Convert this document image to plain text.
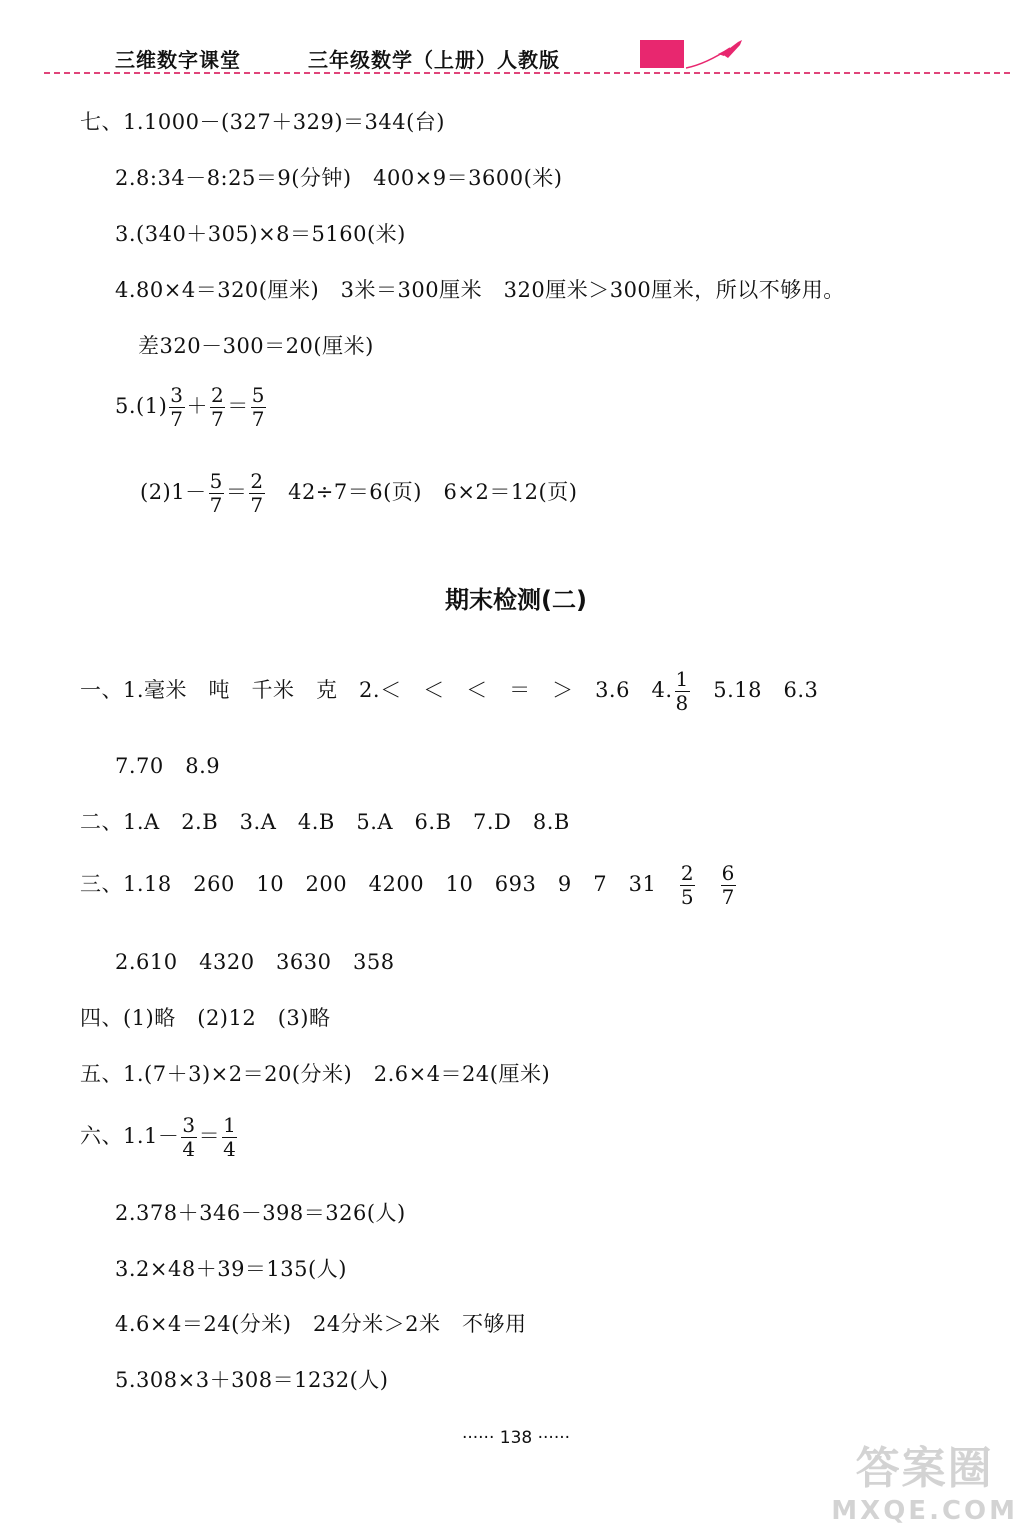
三维数字课堂	三年级数学（上册）人教版
七、1.1000－(327＋329)＝344(台)
2.8:34－8:25＝9(分钟)　400×9＝3600(米)
3.(340＋305)×8＝5160(米)
4.80×4＝320(厘米)　3米＝300厘米　320厘米＞300厘米，所以不够用。
差320－300＝20(厘米)
$5.(1) \frac{3}{7} + \frac{2}{7} = \frac{5}{7}$
$(2)1- \frac{5}{7} = \frac{2}{7}$ 　42÷7＝6(页)　6×2＝12(页)
期末检测(二)
一、1.毫米　吨　千米　克　2.＜　＜　＜　＝　＞　3.6　4. $\frac{1}{8}$ 　5.18　6.3
7.70　8.9
二、1.A　2.B　3.A　4.B　5.A　6.B　7.D　8.B
三、1.18　260　10　200　4200　10　693　9　7　31　 $\frac{2}{5}$
　 $\frac{6}{7}$
2.610　4320　3630　358
四、(1)略　(2)12　(3)略
五、1.(7＋3)×2＝20(分米)　2.6×4＝24(厘米)
六、$1.1- \frac{3}{4} = \frac{1}{4}$
2.378＋346－398＝326(人)
3.2×48＋39＝135(人)
4.6×4＝24(分米)　24分米＞2米　不够用
5.308×3＋308＝1232(人)
······ 138 ······
答案圈
MXQE.COM
